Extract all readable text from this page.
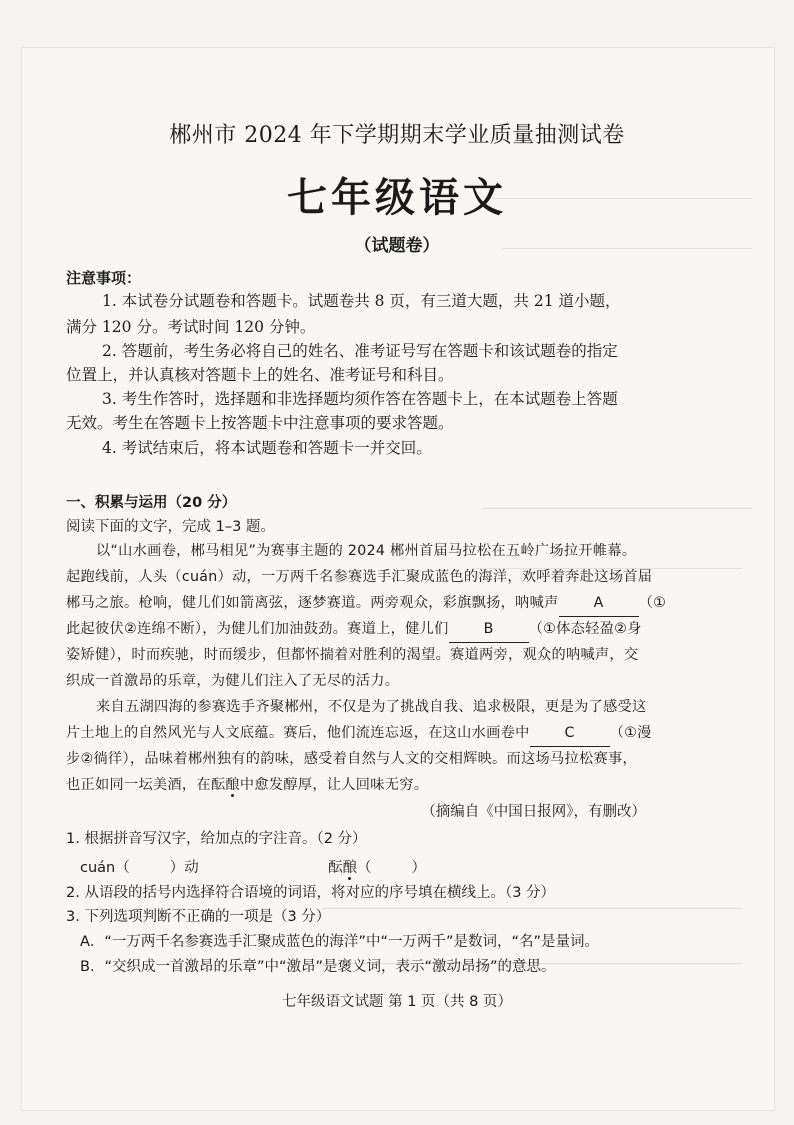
郴州市 2024 年下学期期末学业质量抽测试卷
七年级语文
（试题卷）
注意事项：
1. 本试卷分试题卷和答题卡。试题卷共 8 页，有三道大题，共 21 道小题，
满分 120 分。考试时间 120 分钟。
2. 答题前，考生务必将自己的姓名、准考证号写在答题卡和该试题卷的指定
位置上，并认真核对答题卡上的姓名、准考证号和科目。
3. 考生作答时，选择题和非选择题均须作答在答题卡上，在本试题卷上答题
无效。考生在答题卡上按答题卡中注意事项的要求答题。
4. 考试结束后，将本试题卷和答题卡一并交回。
一、积累与运用（20 分）
阅读下面的文字，完成 1–3 题。
以“山水画卷，郴马相见”为赛事主题的 2024 郴州首届马拉松在五岭广场拉开帷幕。
起跑线前，人头（cuán）动，一万两千名参赛选手汇聚成蓝色的海洋，欢呼着奔赴这场首届
郴马之旅。枪响，健儿们如箭离弦，逐梦赛道。两旁观众，彩旗飘扬，呐喊声 A （①
此起彼伏②连绵不断），为健儿们加油鼓劲。赛道上，健儿们 B （①体态轻盈②身
姿矫健），时而疾驰，时而缓步，但都怀揣着对胜利的渴望。赛道两旁，观众的呐喊声，交
织成一首激昂的乐章，为健儿们注入了无尽的活力。
来自五湖四海的参赛选手齐聚郴州，不仅是为了挑战自我、追求极限，更是为了感受这
片土地上的自然风光与人文底蕴。赛后，他们流连忘返，在这山水画卷中 C （①漫
步②徜徉），品味着郴州独有的韵味，感受着自然与人文的交相辉映。而这场马拉松赛事，
也正如同一坛美酒，在酝酿中愈发醇厚，让人回味无穷。
（摘编自《中国日报网》，有删改）
1. 根据拼音写汉字，给加点的字注音。（2 分）
cuán（	）动	酝酿（	）
2. 从语段的括号内选择符合语境的词语，将对应的序号填在横线上。（3 分）
3. 下列选项判断不正确的一项是（3 分）
A．“一万两千名参赛选手汇聚成蓝色的海洋”中“一万两千”是数词，“名”是量词。
B．“交织成一首激昂的乐章”中“激昂”是褒义词，表示“激动昂扬”的意思。
七年级语文试题 第 1 页（共 8 页）
